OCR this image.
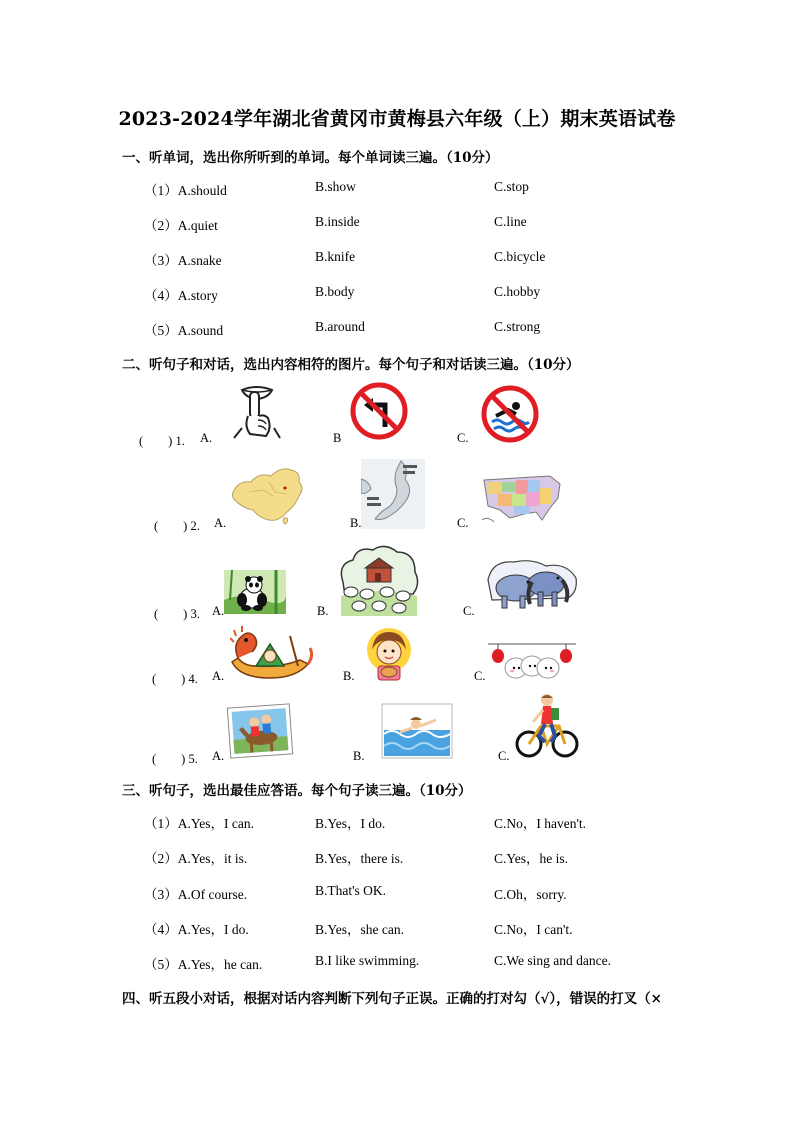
2023-2024学年湖北省黄冈市黄梅县六年级（上）期末英语试卷
一、听单词，选出你所听到的单词。每个单词读三遍。（10分）
（1）A.should	B.show	C.stop
（2）A.quiet	B.inside	C.line
（3）A.snake	B.knife	C.bicycle
（4）A.story	B.body	C.hobby
（5）A.sound	B.around	C.strong
二、听句子和对话，选出内容相符的图片。每个句子和对话读三遍。（10分）
(　　) 1. A.	B	C.
(　　) 2. A.	B.	C.
(　　) 3. A.	B.	C.
(　　) 4. A.	B.	C.
(　　) 5. A.	B.	C.
三、听句子，选出最佳应答语。每个句子读三遍。（10分）
（1）A.Yes，I can.	B.Yes，I do.	C.No，I haven't.
（2）A.Yes，it is.	B.Yes，there is.	C.Yes，he is.
（3）A.Of course.	B.That's OK.	C.Oh，sorry.
（4）A.Yes，I do.	B.Yes，she can.	C.No，I can't.
（5）A.Yes，he can.	B.I like swimming.	C.We sing and dance.
四、听五段小对话，根据对话内容判断下列句子正误。正确的打对勾（√），错误的打叉（×
